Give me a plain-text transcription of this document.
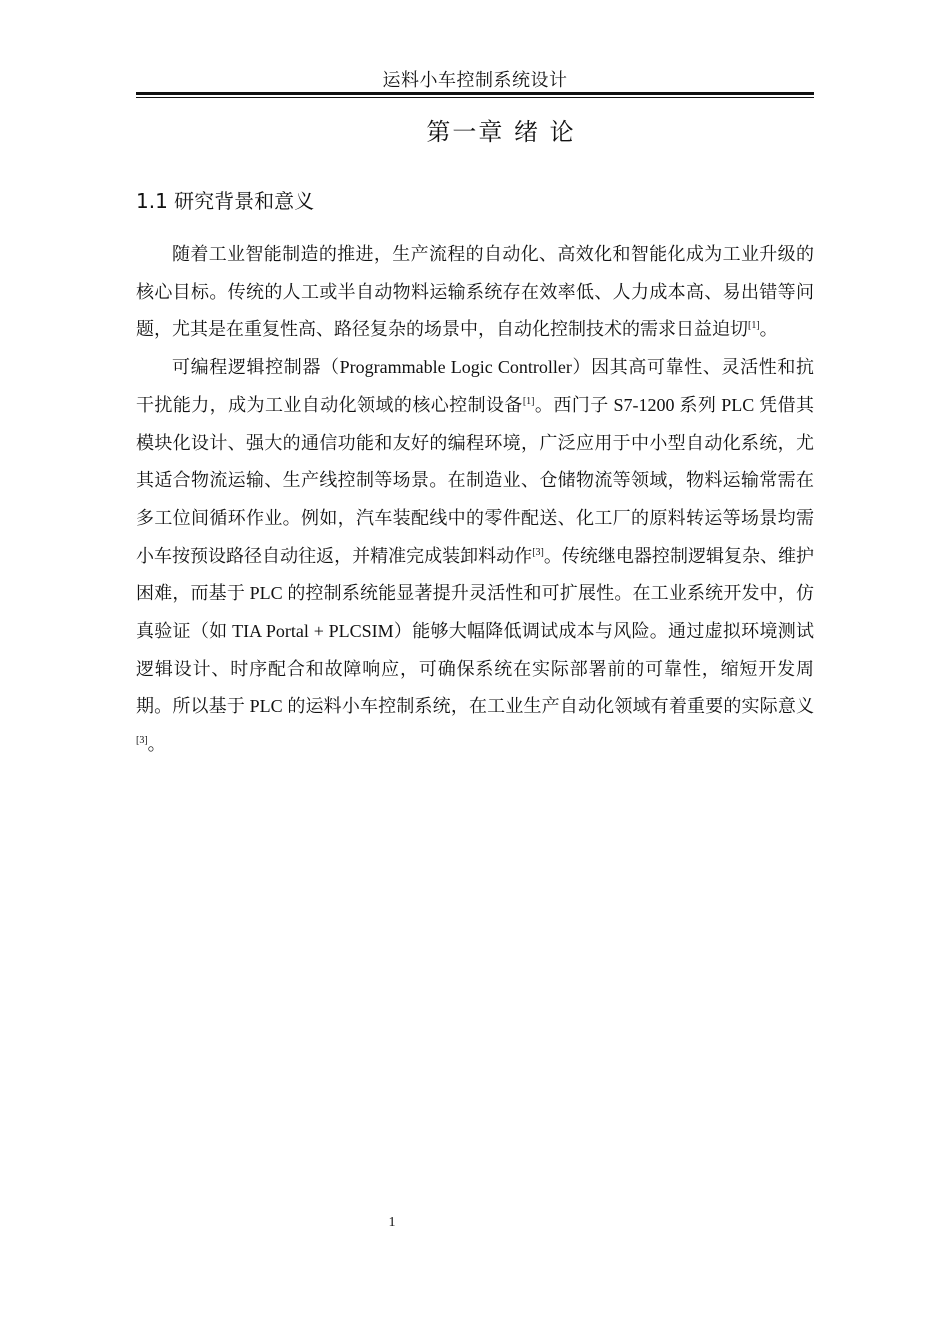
运料小车控制系统设计
第一章 绪 论
1.1 研究背景和意义

随着工业智能制造的推进，生产流程的自动化、高效化和智能化成为工业升级的核心目标。传统的人工或半自动物料运输系统存在效率低、人力成本高、易出错等问题，尤其是在重复性高、路径复杂的场景中，自动化控制技术的需求日益迫切[1]。

可编程逻辑控制器（Programmable Logic Controller）因其高可靠性、灵活性和抗干扰能力，成为工业自动化领域的核心控制设备[1]。西门子 S7-1200 系列 PLC 凭借其模块化设计、强大的通信功能和友好的编程环境，广泛应用于中小型自动化系统，尤其适合物流运输、生产线控制等场景。在制造业、仓储物流等领域，物料运输常需在多工位间循环作业。例如，汽车装配线中的零件配送、化工厂的原料转运等场景均需小车按预设路径自动往返，并精准完成装卸料动作[3]。传统继电器控制逻辑复杂、维护困难，而基于 PLC 的控制系统能显著提升灵活性和可扩展性。在工业系统开发中，仿真验证（如 TIA Portal + PLCSIM）能够大幅降低调试成本与风险。通过虚拟环境测试逻辑设计、时序配合和故障响应，可确保系统在实际部署前的可靠性，缩短开发周期。所以基于 PLC 的运料小车控制系统，在工业生产自动化领域有着重要的实际意义[3]。

1
